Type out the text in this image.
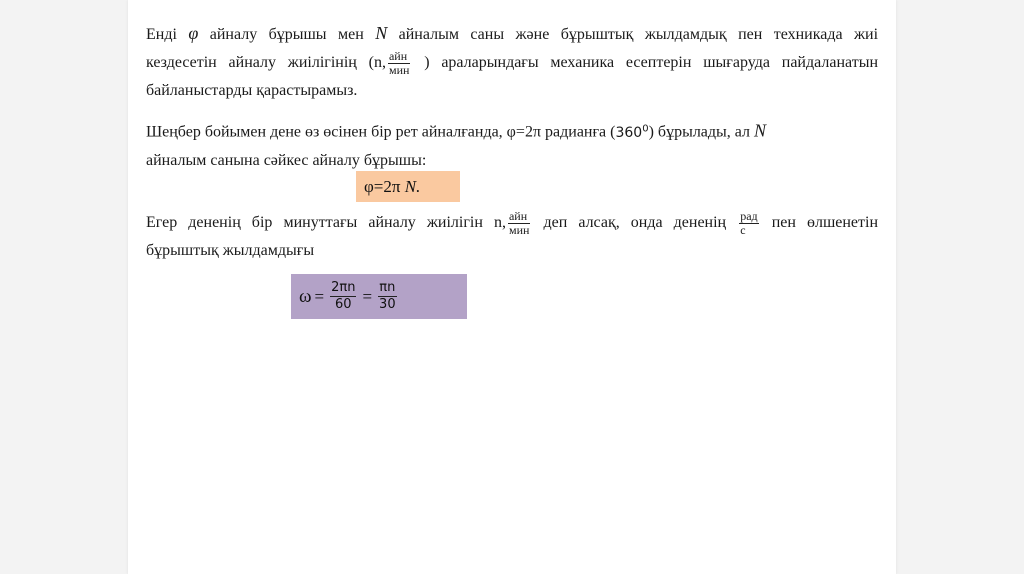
Енді φ айналу бұрышы мен N айналым саны және бұрыштық жылдамдық пен техникада жиі
кездесетін айналу жиілігінің (n, $\frac{\text{айн}}{\text{мин}}$ ) араларындағы механика есептерін шығаруда пайдаланатын
байланыстарды қарастырамыз.
Шеңбер бойымен дене өз өсінен бір рет айналғанда, φ=2π радианға $(360^0)$ бұрылады, ал N
айналым санына сәйкес айналу бұрышы:
φ=2π
N.
Егер дененің бір минуттағы айналу жиілігін n, $\frac{\text{айн}}{\text{мин}}$ деп алсақ, онда дененің $\frac{\text{рад}}{с}$ пен өлшенетін
бұрыштық жылдамдығы
$\omega = \frac{2\pi n}{60} = \frac{\pi n}{30}$
